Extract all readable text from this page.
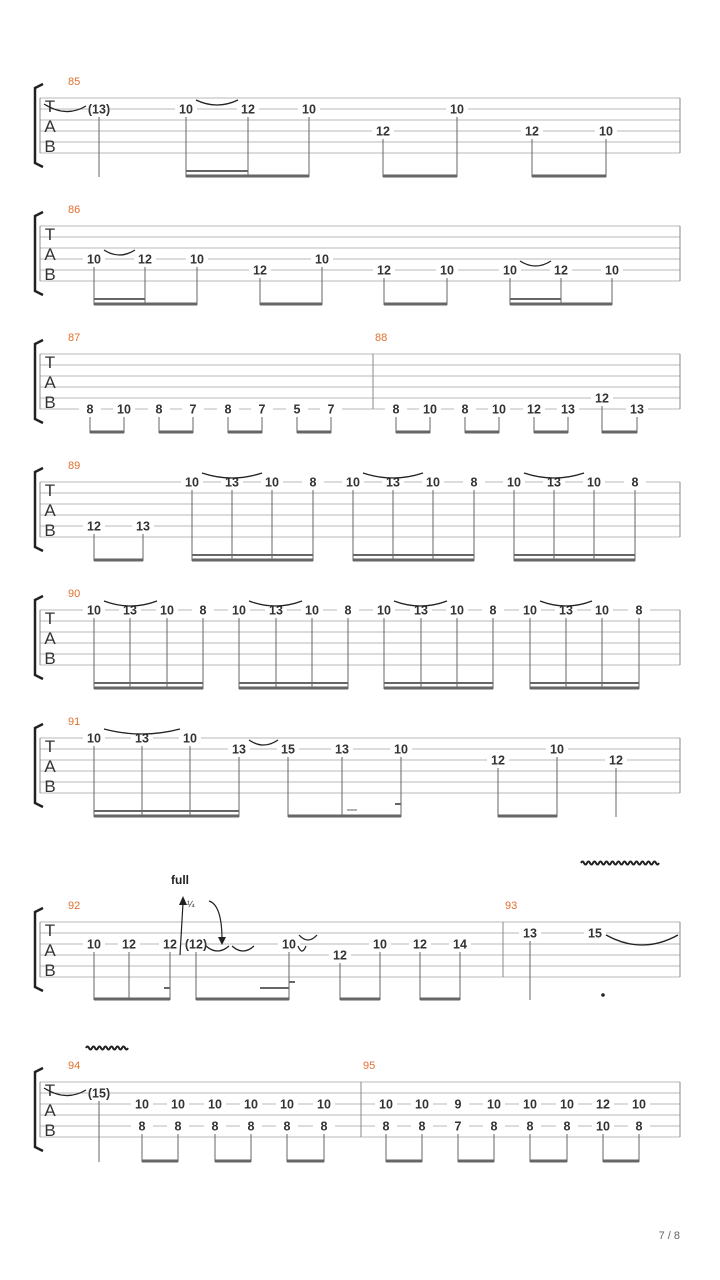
T
A
B
85
(13)	10	12	10
12
10
12	10
T
A
B
86
10	12	10
12
10
12	10	10	12	10
T
A
B
87	88
8 10 8 7 8 7 5 7	8 10 8 10 12 13
12
13
T
A
B
89
12	13
10 13 10 8 10 13 10 8 10 13 10 8
T
A
B
90
10 13 10 8 10 13 10 8 10 13 10 8 10 13 10 8
T
A
B
91
10	13	10
13	15	13	10
12
10
12
T
A
B
92	93
10 12 12 (12)	10
12
10 12 14
13	15
T
A
B
94	95
(15)
10
8
10
8
10
8
10
8
10
8
10
8
10
8
10
8
9
7
10
8
10
8
10
8
12
10
10
8
full
¼
7 / 8
